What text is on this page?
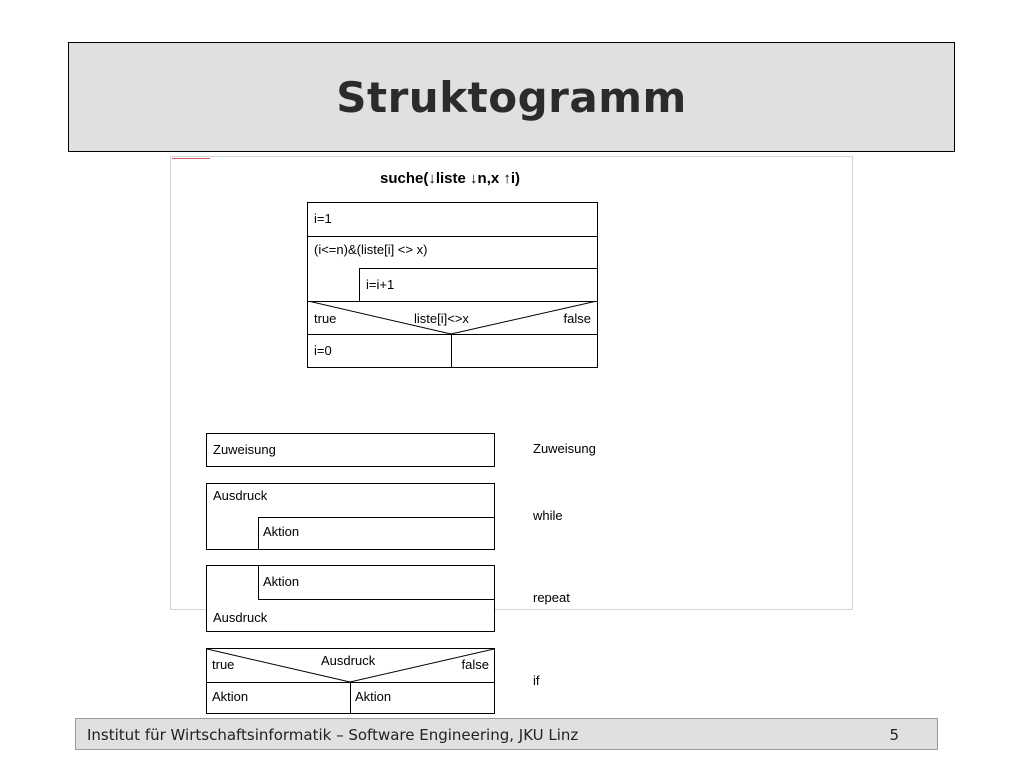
Struktogramm
suche(↓liste ↓n,x ↑i)
i=1
(i<=n)&(liste[i] <> x)
i=i+1
true	liste[i]<>x	false
i=0
Zuweisung	Zuweisung
Ausdruck
Aktion
while
Aktion
Ausdruck
repeat
true	Ausdruck	false
Aktion	Aktion
if
Institut für Wirtschaftsinformatik – Software Engineering, JKU Linz	5
